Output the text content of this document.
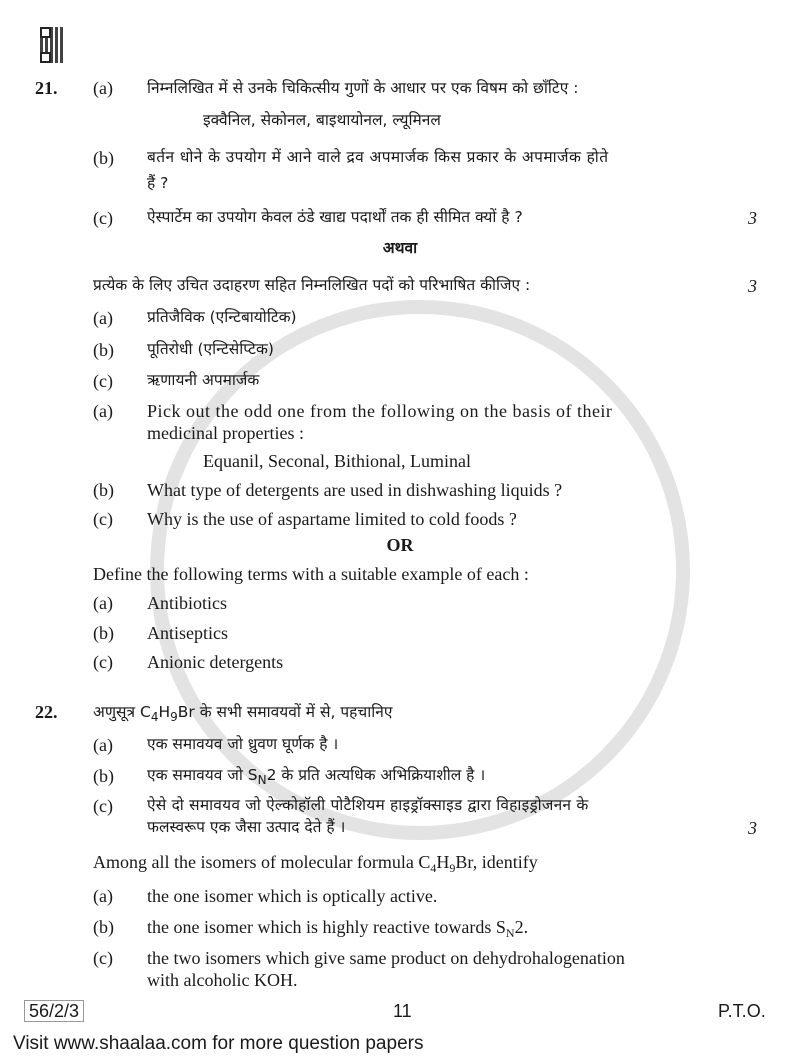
21. (a) निम्नलिखित में से उनके चिकित्सीय गुणों के आधार पर एक विषम को छाँटिए :
इक्वैनिल, सेकोनल, बाइथायोनल, ल्यूमिनल
(b) बर्तन धोने के उपयोग में आने वाले द्रव अपमार्जक किस प्रकार के अपमार्जक होते
हैं ?
(c) ऐस्पार्टेम का उपयोग केवल ठंडे खाद्य पदार्थों तक ही सीमित क्यों है ?	3
अथवा
प्रत्येक के लिए उचित उदाहरण सहित निम्नलिखित पदों को परिभाषित कीजिए :	3
(a) प्रतिजैविक (एन्टिबायोटिक)
(b) पूतिरोधी (एन्टिसेप्टिक)
(c) ऋणायनी अपमार्जक
(a) Pick out the odd one from the following on the basis of their
medicinal properties :
Equanil, Seconal, Bithional, Luminal
(b) What type of detergents are used in dishwashing liquids ?
(c) Why is the use of aspartame limited to cold foods ?
OR
Define the following terms with a suitable example of each :
(a) Antibiotics
(b) Antiseptics
(c) Anionic detergents
22. अणुसूत्र $C_4H_9Br$ के सभी समावयवों में से, पहचानिए
(a) एक समावयव जो ध्रुवण घूर्णक है ।
(b) एक समावयव जो $S_N2$ के प्रति अत्यधिक अभिक्रियाशील है ।
(c) ऐसे दो समावयव जो ऐल्कोहॉली पोटैशियम हाइड्रॉक्साइड द्वारा विहाइड्रोजनन के
फलस्वरूप एक जैसा उत्पाद देते हैं ।	3
Among all the isomers of molecular formula $C_4H_9Br$, identify
(a) the one isomer which is optically active.
(b) the one isomer which is highly reactive towards $S_N2$.
(c) the two isomers which give same product on dehydrohalogenation
with alcoholic KOH.
56/2/3	11	P.T.O.
Visit www.shaalaa.com for more question papers
